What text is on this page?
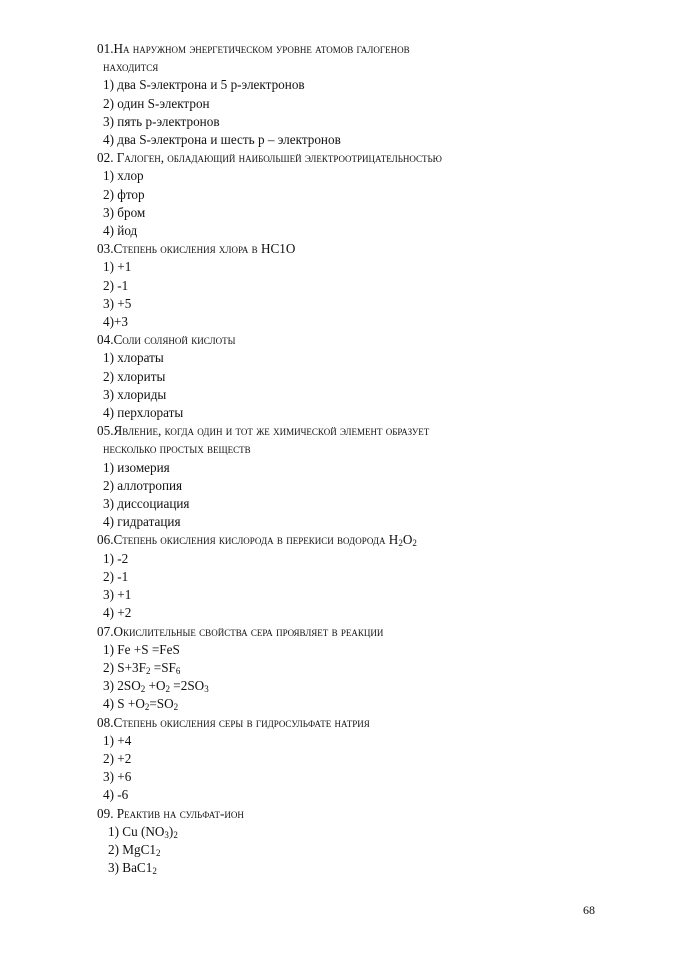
01.На наружном энергетическом уровне атомов галогенов
находится
1) два S-электрона и 5 р-электронов
2) один S-электрон
3) пять р-электронов
4) два S-электрона и шесть р – электронов
02. Галоген, обладающий наибольшей электроотрицательностью
1) хлор
2) фтор
3) бром
4) йод
03.Степень окисления хлора в НС1О
1) +1
2) -1
3) +5
4)+3
04.Соли соляной кислоты
1) хлораты
2) хлориты
3) хлориды
4) перхлораты
05.Явление, когда один и тот же химической элемент образует
несколько простых веществ
1) изомерия
2) аллотропия
3) диссоциация
4) гидратация
06.Степень окисления кислорода в перекиси водорода $Н_2О_2$
1) -2
2) -1
3) +1
4) +2
07.Окислительные свойства сера проявляет в реакции
1) Fe +S =FeS
2) $S+3F_2 =SF_6$
3) $2SO_2 +O_2 =2SO_3$
4) $S +O_2=SO_2$
08.Степень окисления серы в гидросульфате натрия
1) +4
2) +2
3) +6
4) -6
09. Реактив на сульфат-ион
1) Cu $(NO_3)_2$
2) $MgC1_2$
3) $BaC1_2$
68
